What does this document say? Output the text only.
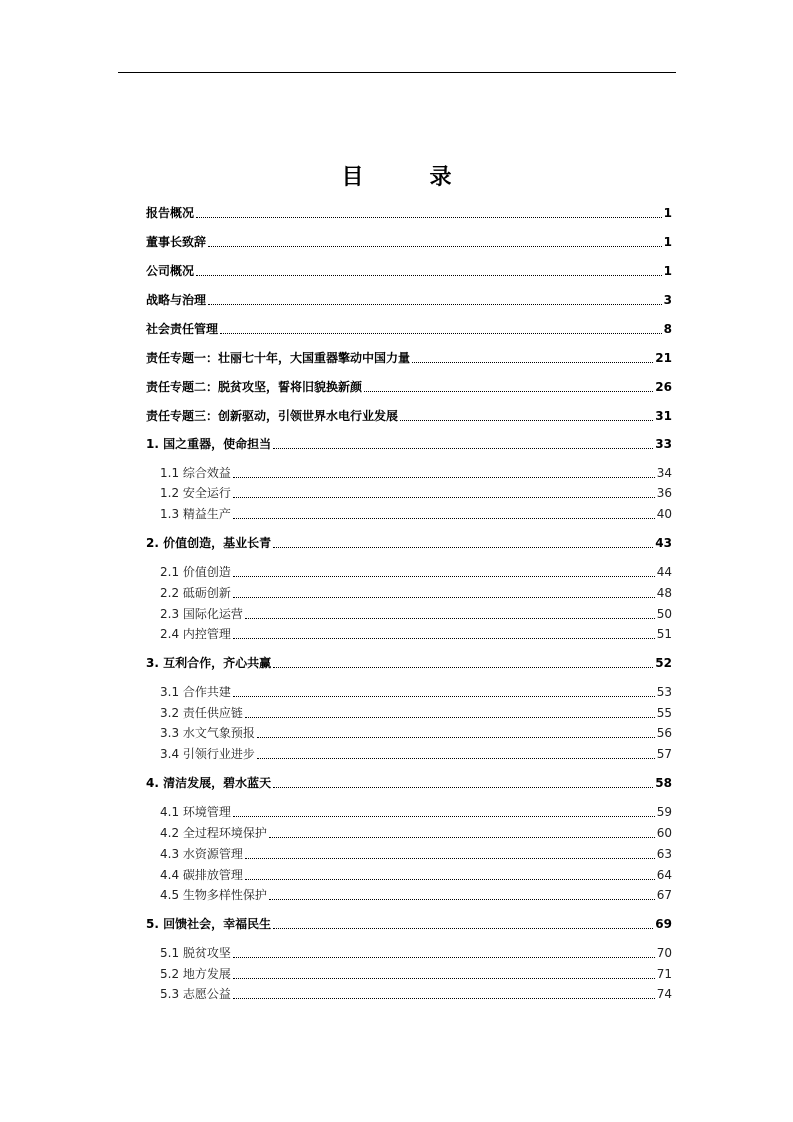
目　录
报告概况	1
董事长致辞	1
公司概况	1
战略与治理	3
社会责任管理	8
责任专题一：壮丽七十年，大国重器擎动中国力量	21
责任专题二：脱贫攻坚，誓将旧貌换新颜	26
责任专题三：创新驱动，引领世界水电行业发展	31
1. 国之重器，使命担当	33
1.1 综合效益	34
1.2 安全运行	36
1.3 精益生产	40
2. 价值创造，基业长青	43
2.1 价值创造	44
2.2 砥砺创新	48
2.3 国际化运营	50
2.4 内控管理	51
3. 互利合作，齐心共赢	52
3.1 合作共建	53
3.2 责任供应链	55
3.3 水文气象预报	56
3.4 引领行业进步	57
4. 清洁发展，碧水蓝天	58
4.1 环境管理	59
4.2 全过程环境保护	60
4.3 水资源管理	63
4.4 碳排放管理	64
4.5 生物多样性保护	67
5. 回馈社会，幸福民生	69
5.1 脱贫攻坚	70
5.2 地方发展	71
5.3 志愿公益	74
